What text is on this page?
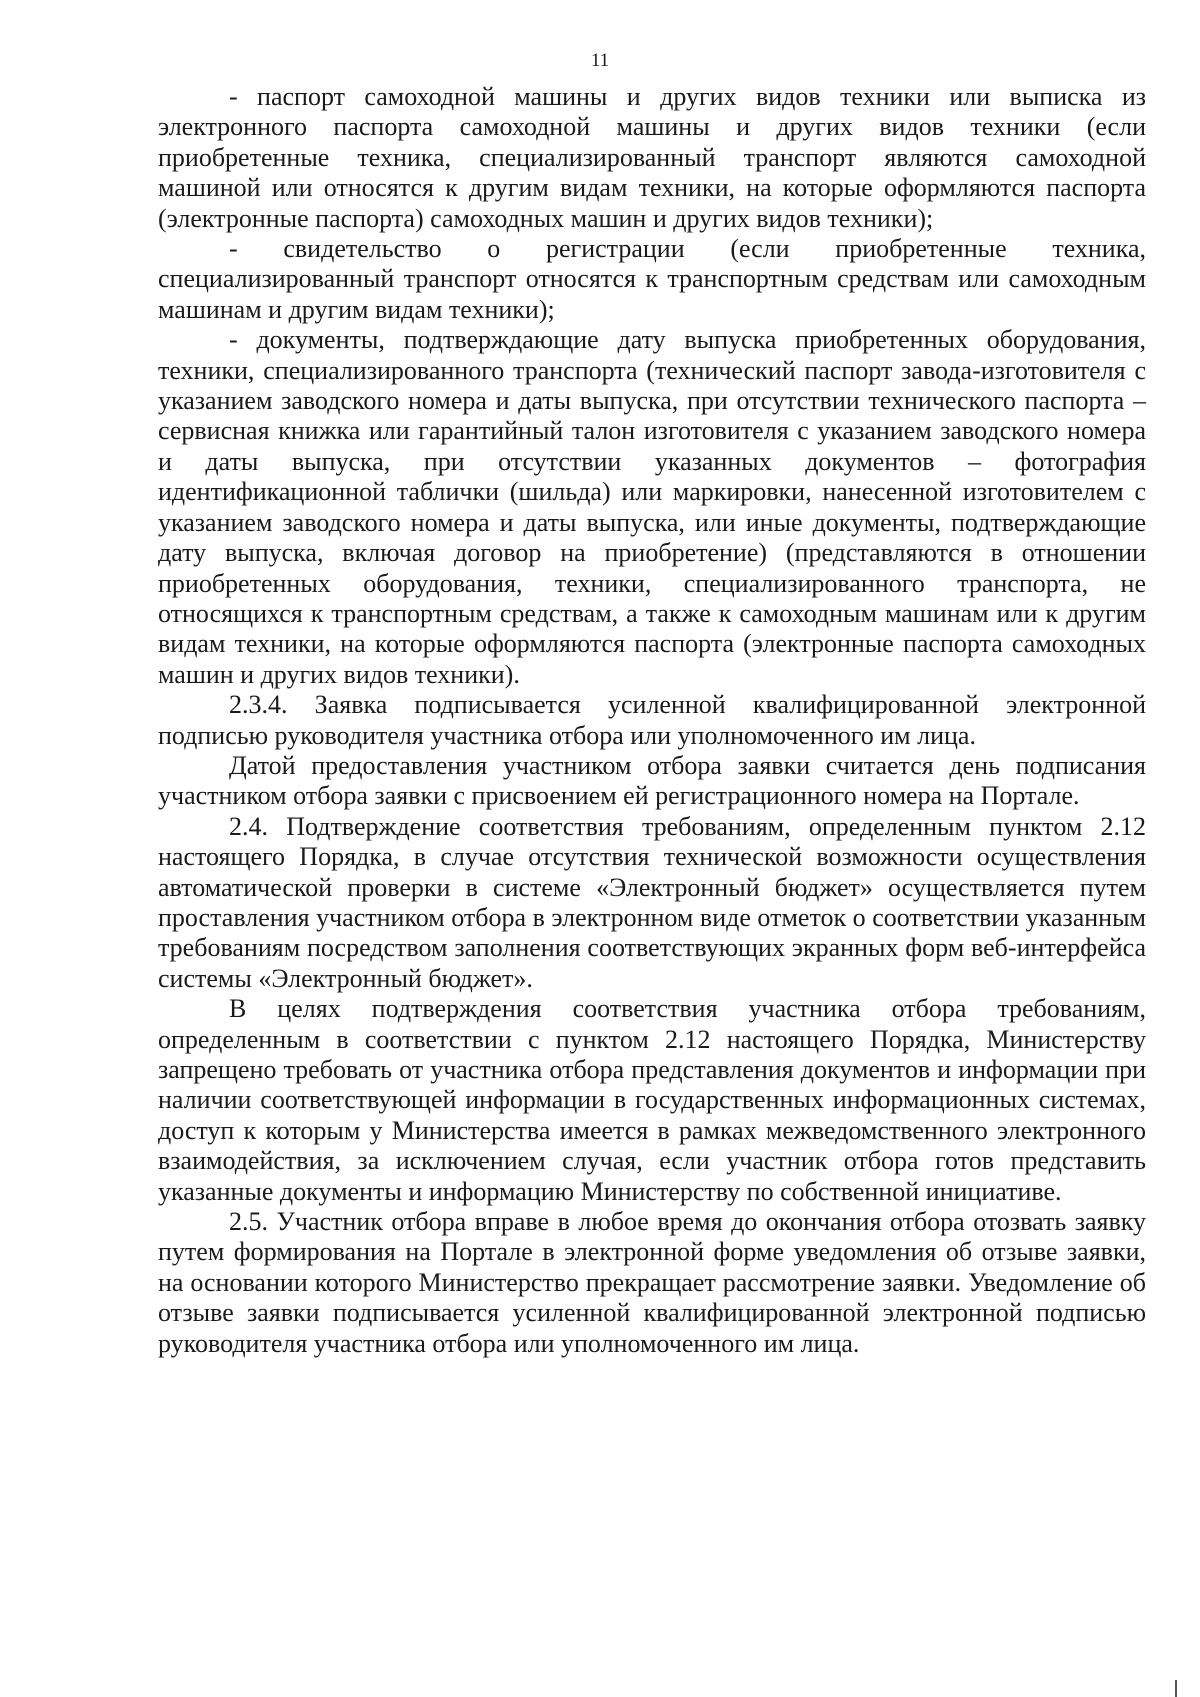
11

- паспорт самоходной машины и других видов техники или выписка из электронного паспорта самоходной машины и других видов техники (если приобретенные техника, специализированный транспорт являются самоходной машиной или относятся к другим видам техники, на которые оформляются паспорта (электронные паспорта) самоходных машин и других видов техники);

- свидетельство о регистрации (если приобретенные техника, специализированный транспорт относятся к транспортным средствам или самоходным машинам и другим видам техники);

- документы, подтверждающие дату выпуска приобретенных оборудования, техники, специализированного транспорта (технический паспорт завода-изготовителя с указанием заводского номера и даты выпуска, при отсутствии технического паспорта – сервисная книжка или гарантийный талон изготовителя с указанием заводского номера и даты выпуска, при отсутствии указанных документов – фотография идентификационной таблички (шильда) или маркировки, нанесенной изготовителем с указанием заводского номера и даты выпуска, или иные документы, подтверждающие дату выпуска, включая договор на приобретение) (представляются в отношении приобретенных оборудования, техники, специализированного транспорта, не относящихся к транспортным средствам, а также к самоходным машинам или к другим видам техники, на которые оформляются паспорта (электронные паспорта самоходных машин и других видов техники).

2.3.4. Заявка подписывается усиленной квалифицированной электронной подписью руководителя участника отбора или уполномоченного им лица.

Датой предоставления участником отбора заявки считается день подписания участником отбора заявки с присвоением ей регистрационного номера на Портале.

2.4. Подтверждение соответствия требованиям, определенным пунктом 2.12 настоящего Порядка, в случае отсутствия технической возможности осуществления автоматической проверки в системе «Электронный бюджет» осуществляется путем проставления участником отбора в электронном виде отметок о соответствии указанным требованиям посредством заполнения соответствующих экранных форм веб-интерфейса системы «Электронный бюджет».

В целях подтверждения соответствия участника отбора требованиям, определенным в соответствии с пунктом 2.12 настоящего Порядка, Министерству запрещено требовать от участника отбора представления документов и информации при наличии соответствующей информации в государственных информационных системах, доступ к которым у Министерства имеется в рамках межведомственного электронного взаимодействия, за исключением случая, если участник отбора готов представить указанные документы и информацию Министерству по собственной инициативе.

2.5. Участник отбора вправе в любое время до окончания отбора отозвать заявку путем формирования на Портале в электронной форме уведомления об отзыве заявки, на основании которого Министерство прекращает рассмотрение заявки. Уведомление об отзыве заявки подписывается усиленной квалифицированной электронной подписью руководителя участника отбора или уполномоченного им лица.
